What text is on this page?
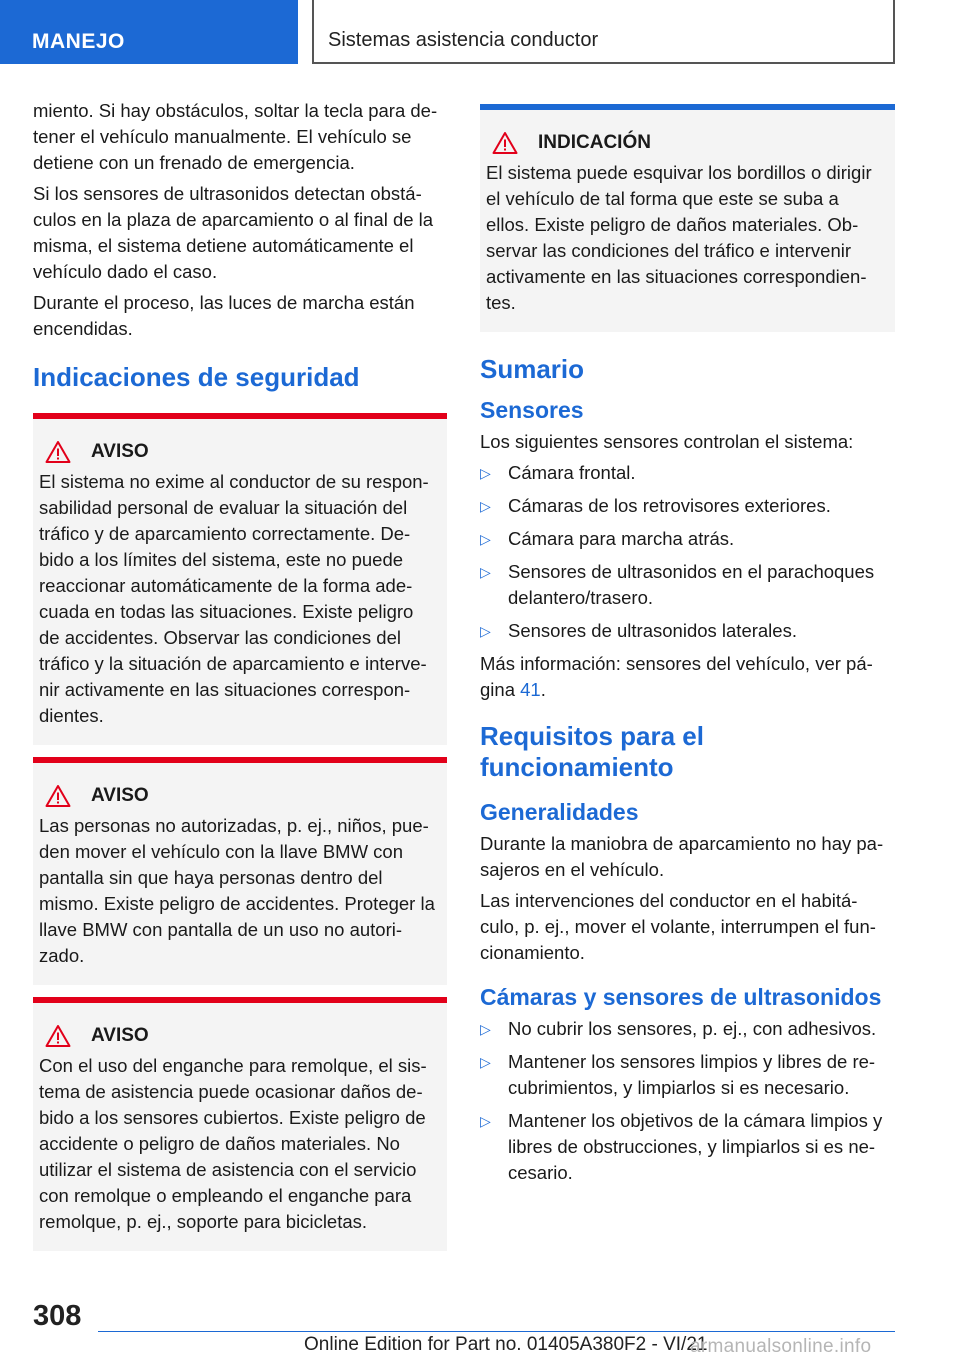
MANEJO	Sistemas asistencia conductor

miento. Si hay obstáculos, soltar la tecla para de-tener el vehículo manualmente. El vehículo se detiene con un frenado de emergencia.

Si los sensores de ultrasonidos detectan obstá-culos en la plaza de aparcamiento o al final de la misma, el sistema detiene automáticamente el vehículo dado el caso.

Durante el proceso, las luces de marcha están encendidas.

Indicaciones de seguridad
AVISO

El sistema no exime al conductor de su respon-sabilidad personal de evaluar la situación del tráfico y de aparcamiento correctamente. De-bido a los límites del sistema, este no puede reaccionar automáticamente de la forma ade-cuada en todas las situaciones. Existe peligro de accidentes. Observar las condiciones del tráfico y la situación de aparcamiento e interve-nir activamente en las situaciones correspon-dientes.

AVISO

Las personas no autorizadas, p. ej., niños, pue-den mover el vehículo con la llave BMW con pantalla sin que haya personas dentro del mismo. Existe peligro de accidentes. Proteger la llave BMW con pantalla de un uso no autori-zado.

AVISO

Con el uso del enganche para remolque, el sis-tema de asistencia puede ocasionar daños de-bido a los sensores cubiertos. Existe peligro de accidente o peligro de daños materiales. No utilizar el sistema de asistencia con el servicio con remolque o empleando el enganche para remolque, p. ej., soporte para bicicletas.

INDICACIÓN

El sistema puede esquivar los bordillos o dirigir el vehículo de tal forma que este se suba a ellos. Existe peligro de daños materiales. Ob-servar las condiciones del tráfico e intervenir activamente en las situaciones correspondien-tes.

Sumario
Sensores

Los siguientes sensores controlan el sistema:

▷ Cámara frontal.
▷ Cámaras de los retrovisores exteriores.
▷ Cámara para marcha atrás.
▷ Sensores de ultrasonidos en el parachoques delantero/trasero.
▷ Sensores de ultrasonidos laterales.

Más información: sensores del vehículo, ver pá-gina 41.

Requisitos para el funcionamiento
Generalidades

Durante la maniobra de aparcamiento no hay pa-sajeros en el vehículo.

Las intervenciones del conductor en el habitá-culo, p. ej., mover el volante, interrumpen el fun-cionamiento.

Cámaras y sensores de ultrasonidos
▷ No cubrir los sensores, p. ej., con adhesivos.
▷ Mantener los sensores limpios y libres de re-cubrimientos, y limpiarlos si es necesario.
▷ Mantener los objetivos de la cámara limpios y libres de obstrucciones, y limpiarlos si es ne-cesario.
308
Online Edition for Part no. 01405A380F2 - VI/21
armanualsonline.info
